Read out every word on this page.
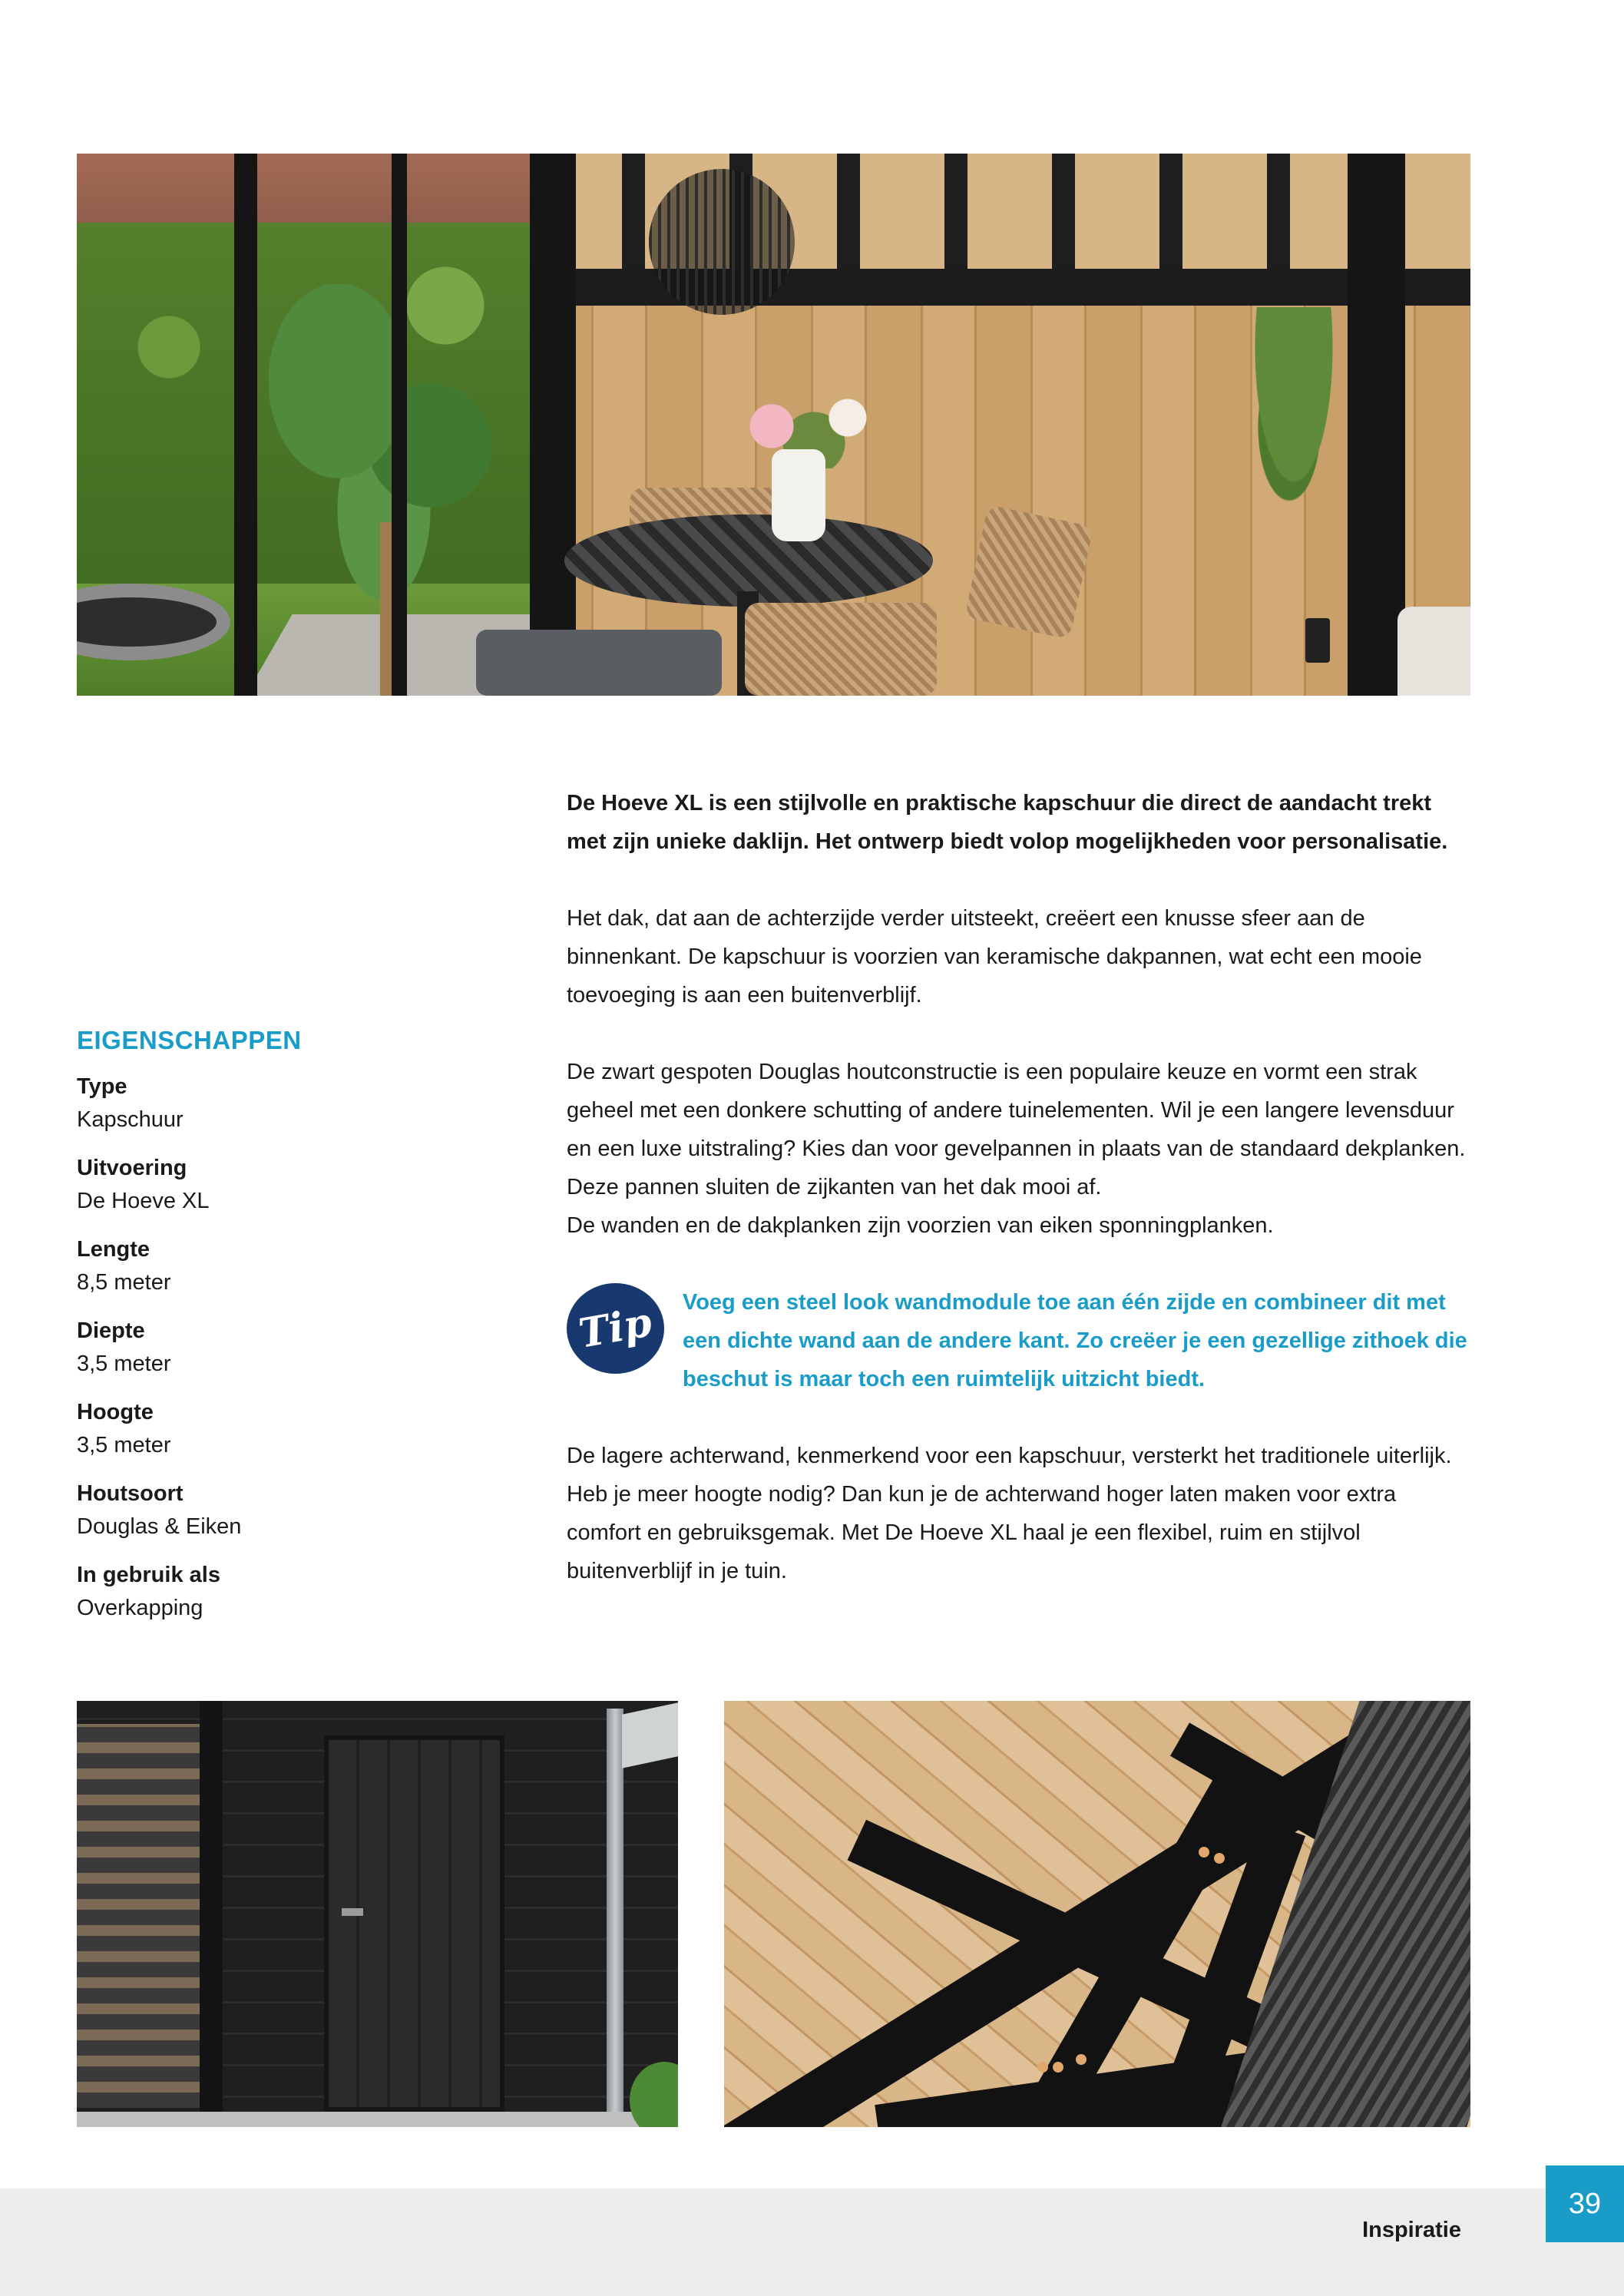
EIGENSCHAPPEN
Type
Kapschuur
Uitvoering
De Hoeve XL
Lengte
8,5 meter
Diepte
3,5 meter
Hoogte
3,5 meter
Houtsoort
Douglas & Eiken
In gebruik als
Overkapping

De Hoeve XL is een stijlvolle en praktische kapschuur die direct de aandacht trekt met zijn unieke daklijn. Het ontwerp biedt volop mogelijkheden voor personalisatie.

Het dak, dat aan de achterzijde verder uitsteekt, creëert een knusse sfeer aan de binnenkant. De kapschuur is voorzien van keramische dakpannen, wat echt een mooie toevoeging is aan een buitenverblijf.

De zwart gespoten Douglas houtconstructie is een populaire keuze en vormt een strak geheel met een donkere schutting of andere tuinelementen. Wil je een langere levensduur en een luxe uitstraling? Kies dan voor gevelpannen in plaats van de standaard dekplanken. Deze pannen sluiten de zijkanten van het dak mooi af.

De wanden en de dakplanken zijn voorzien van eiken sponningplanken.

Tip Voeg een steel look wandmodule toe aan één zijde en combineer dit met een dichte wand aan de andere kant. Zo creëer je een gezellige zithoek die beschut is maar toch een ruimtelijk uitzicht biedt.

De lagere achterwand, kenmerkend voor een kapschuur, versterkt het traditionele uiterlijk. Heb je meer hoogte nodig? Dan kun je de achterwand hoger laten maken voor extra comfort en gebruiksgemak. Met De Hoeve XL haal je een flexibel, ruim en stijlvol buitenverblijf in je tuin.

Inspiratie
39
